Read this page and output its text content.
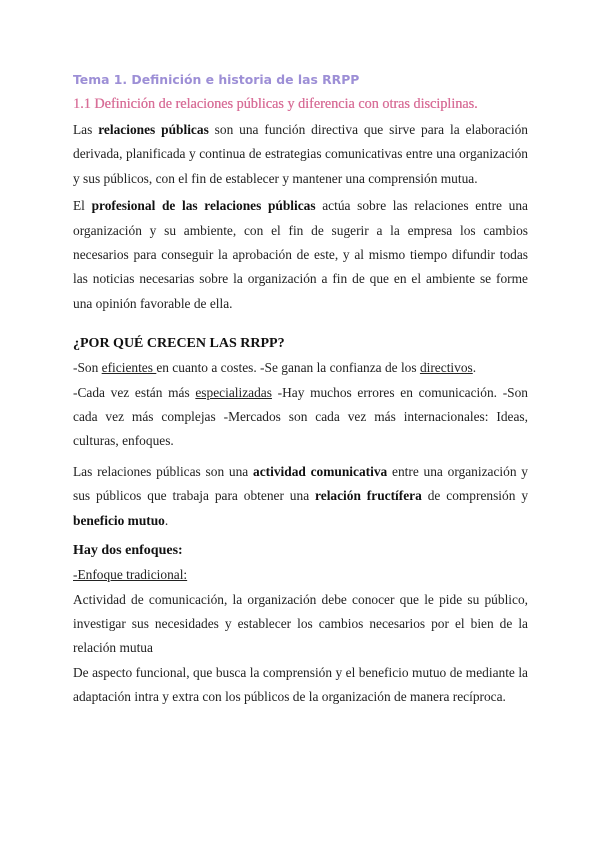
Tema 1. Definición e historia de las RRPP

1.1 Definición de relaciones públicas y diferencia con otras disciplinas.

Las relaciones públicas son una función directiva que sirve para la elaboración derivada, planificada y continua de estrategias comunicativas entre una organización y sus públicos, con el fin de establecer y mantener una comprensión mutua.

El profesional de las relaciones públicas actúa sobre las relaciones entre una organización y su ambiente, con el fin de sugerir a la empresa los cambios necesarios para conseguir la aprobación de este, y al mismo tiempo difundir todas las noticias necesarias sobre la organización a fin de que en el ambiente se forme una opinión favorable de ella.

¿POR QUÉ CRECEN LAS RRPP?

-Son eficientes en cuanto a costes. -Se ganan la confianza de los directivos.

-Cada vez están más especializadas -Hay muchos errores en comunicación. -Son cada vez más complejas -Mercados son cada vez más internacionales: Ideas, culturas, enfoques.

Las relaciones públicas son una actividad comunicativa entre una organización y sus públicos que trabaja para obtener una relación fructífera de comprensión y beneficio mutuo.

Hay dos enfoques:

-Enfoque tradicional:

Actividad de comunicación, la organización debe conocer que le pide su público, investigar sus necesidades y establecer los cambios necesarios por el bien de la relación mutua

De aspecto funcional, que busca la comprensión y el beneficio mutuo de mediante la adaptación intra y extra con los públicos de la organización de manera recíproca.
